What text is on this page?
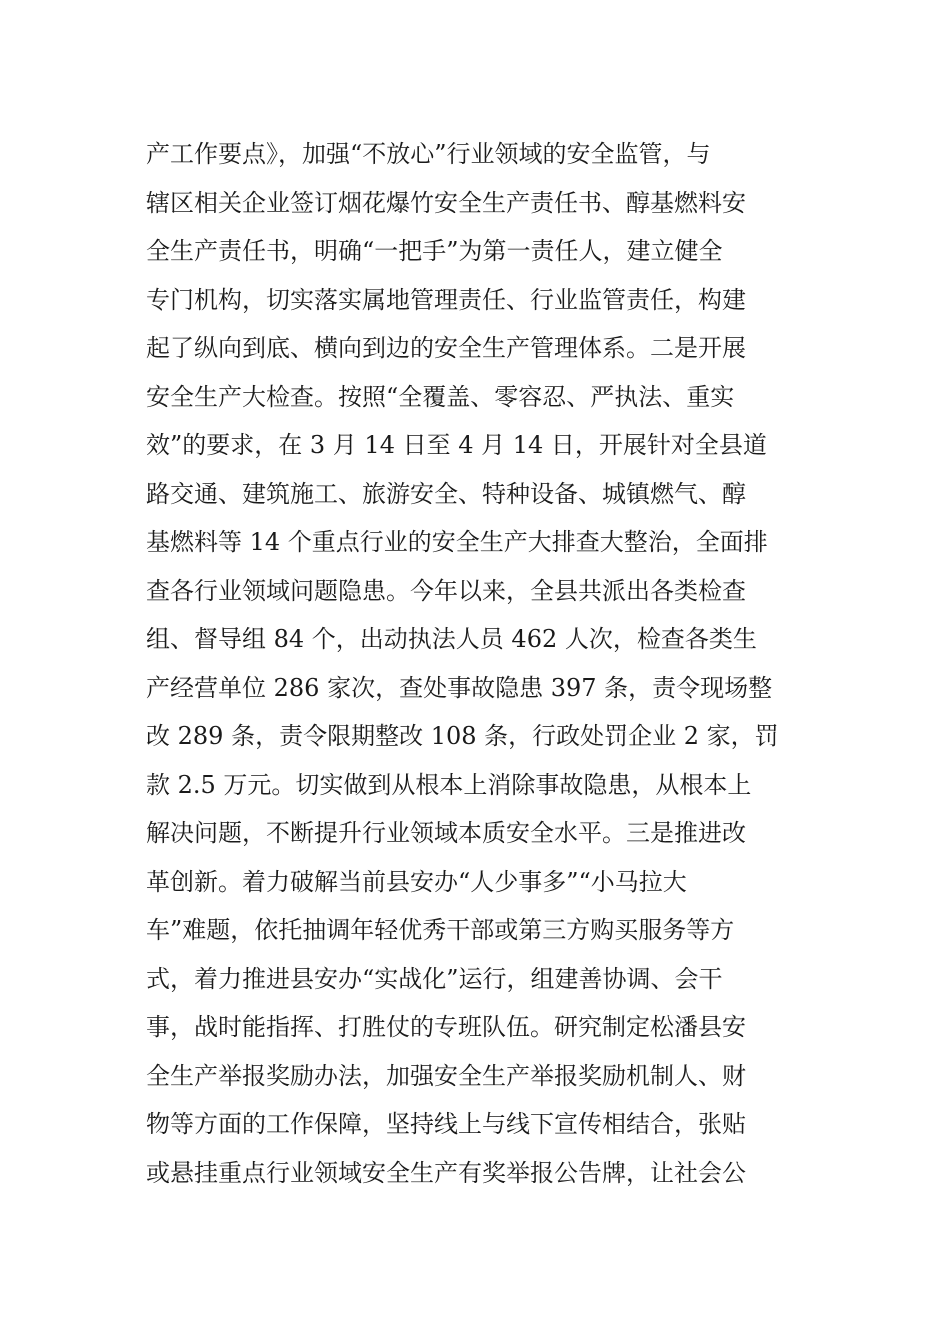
产工作要点》，加强“不放心”行业领域的安全监管，与
辖区相关企业签订烟花爆竹安全生产责任书、醇基燃料安
全生产责任书，明确“一把手”为第一责任人，建立健全
专门机构，切实落实属地管理责任、行业监管责任，构建
起了纵向到底、横向到边的安全生产管理体系。二是开展
安全生产大检查。按照“全覆盖、零容忍、严执法、重实
效”的要求，在 3 月 14 日至 4 月 14 日，开展针对全县道
路交通、建筑施工、旅游安全、特种设备、城镇燃气、醇
基燃料等 14 个重点行业的安全生产大排查大整治，全面排
查各行业领域问题隐患。今年以来，全县共派出各类检查
组、督导组 84 个，出动执法人员 462 人次，检查各类生
产经营单位 286 家次，查处事故隐患 397 条，责令现场整
改 289 条，责令限期整改 108 条，行政处罚企业 2 家，罚
款 2.5 万元。切实做到从根本上消除事故隐患，从根本上
解决问题，不断提升行业领域本质安全水平。三是推进改
革创新。着力破解当前县安办“人少事多”“小马拉大
车”难题，依托抽调年轻优秀干部或第三方购买服务等方
式，着力推进县安办“实战化”运行，组建善协调、会干
事，战时能指挥、打胜仗的专班队伍。研究制定松潘县安
全生产举报奖励办法，加强安全生产举报奖励机制人、财
物等方面的工作保障，坚持线上与线下宣传相结合，张贴
或悬挂重点行业领域安全生产有奖举报公告牌，让社会公
